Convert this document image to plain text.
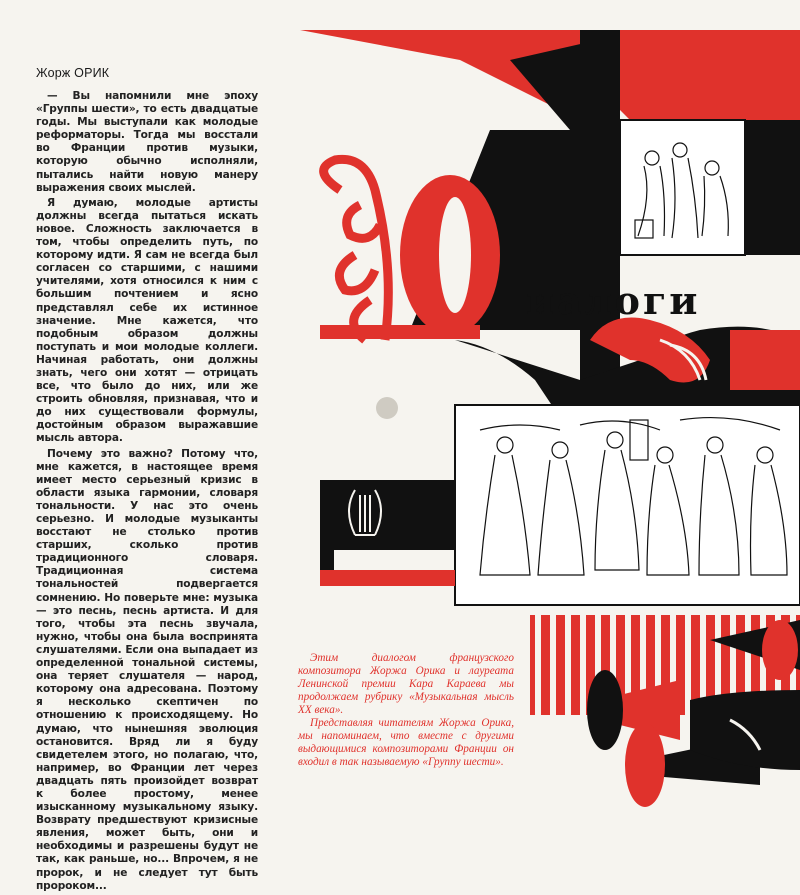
Жорж ОРИК

— Вы напомнили мне эпоху «Группы шести», то есть двадцатые годы. Мы выступали как молодые реформаторы. Тогда мы восстали во Франции против музыки, которую обычно исполняли, пытались найти новую манеру выражения своих мыслей.

Я думаю, молодые артисты должны всегда пытаться искать новое. Сложность заключается в том, чтобы определить путь, по которому идти. Я сам не всегда был согласен со старшими, с нашими учителями, хотя относился к ним с большим почтением и ясно представлял себе их истинное значение. Мне кажется, что подобным образом должны поступать и мои молодые коллеги. Начиная работать, они должны знать, чего они хотят — отрицать все, что было до них, или же строить обновляя, признавая, что и до них существовали формулы, достойным образом выражавшие мысль автора.

Почему это важно? Потому что, мне кажется, в настоящее время имеет место серьезный кризис в области языка гармонии, словаря тональности. У нас это очень серьезно. И молодые музыканты восстают не столько против старших, сколько против традиционного словаря. Традиционная система тональностей подвергается сомнению. Но поверьте мне: музыка — это песнь, песнь артиста. И для того, чтобы эта песнь звучала, нужно, чтобы она была воспринята слушателями. Если она выпадает из определенной тональной системы, она теряет слушателя — народ, которому она адресована. Поэтому я несколько скептичен по отношению к происходящему. Но думаю, что нынешняя эволюция остановится. Вряд ли я буду свидетелем этого, но полагаю, что, например, во Франции лет через двадцать пять произойдет возврат к более простому, менее изысканному музыкальному языку. Возврату предшествуют кризисные явления, может быть, они и необходимы и разрешены будут не так, как раньше, но... Впрочем, я не пророк, и не следует тут быть пророком...

иалоги

Этим диалогом французского композитора Жоржа Орика и лауреата Ленинской премии Кара Караева мы продолжаем рубрику «Музыкальная мысль XX века».

Представляя читателям Жоржа Орика, мы напоминаем, что вместе с другими выдающимися композиторами Франции он входил в так называемую «Группу шести».
